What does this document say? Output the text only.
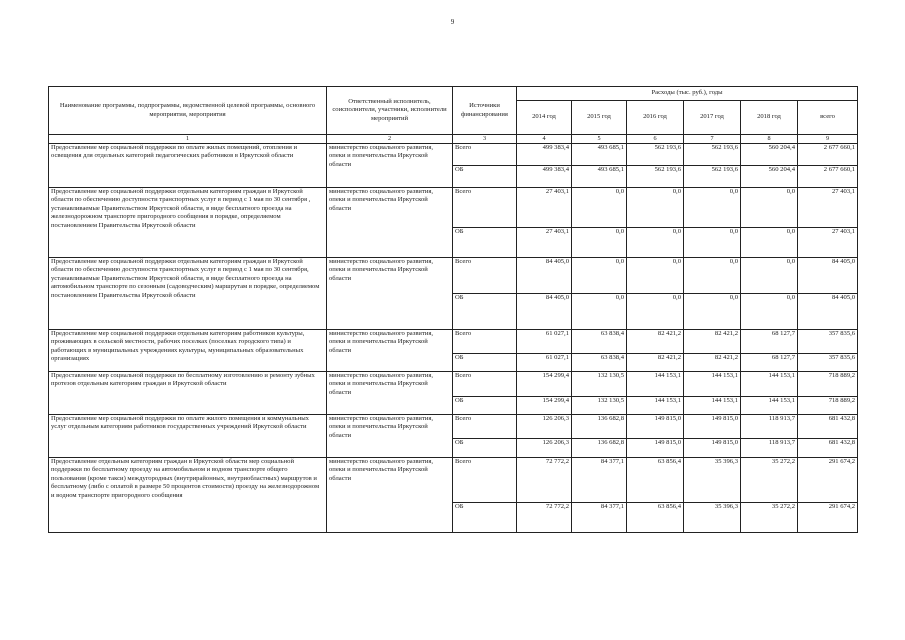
9
Наименование программы, подпрограммы, ведомственной целевой программы, основного мероприятия, мероприятия	Ответственный исполнитель, соисполнители, участники, исполнители мероприятий	Источники финансирования	Расходы (тыс. руб.), годы					
			2014 год	2015 год	2016 год	2017 год	2018 год	всего
1	2	3	4	5	6	7	8	9
Предоставление мер социальной поддержки по оплате жилых помещений, отопления и освещения для отдельных категорий педагогических работников в Иркутской области	министерство социального развития, опеки и попечительства Иркутской области	Всего	499 383,4	493 685,1	562 193,6	562 193,6	560 204,4	2 677 660,1
		ОБ	499 383,4	493 685,1	562 193,6	562 193,6	560 204,4	2 677 660,1
Предоставление мер социальной поддержки отдельным категориям граждан в Иркутской области по обеспечению доступности транспортных услуг в период с 1 мая по 30 сентября , устанавливаемые Правительством Иркутской области, в виде бесплатного проезда на железнодорожном транспорте пригородного сообщения в порядке, определяемом постановлением Правительства Иркутской области	министерство социального развития, опеки и попечительства Иркутской области	Всего	27 403,1	0,0	0,0	0,0	0,0	27 403,1
		ОБ	27 403,1	0,0	0,0	0,0	0,0	27 403,1
Предоставление мер социальной поддержки отдельным категориям граждан в Иркутской области по обеспечению доступности транспортных услуг в период с 1 мая по 30 сентября, устанавливаемые Правительством Иркутской области, в виде бесплатного проезда на автомобильном транспорте по сезонным (садоводческим) маршрутам в порядке, определяемом постановлением Правительства Иркутской области	министерство социального развития, опеки и попечительства Иркутской области	Всего	84 405,0	0,0	0,0	0,0	0,0	84 405,0
		ОБ	84 405,0	0,0	0,0	0,0	0,0	84 405,0
Предоставление мер социальной поддержки отдельным категориям работников культуры, проживающих в сельской местности, рабочих поселках (поселках городского типа) и работающих в муниципальных учреждениях культуры, муниципальных образовательных организациях	министерство социального развития, опеки и попечительства Иркутской области	Всего	61 027,1	63 838,4	82 421,2	82 421,2	68 127,7	357 835,6
		ОБ	61 027,1	63 838,4	82 421,2	82 421,2	68 127,7	357 835,6
Предоставление мер социальной поддержки по бесплатному изготовлению и ремонту зубных протезов отдельным категориям граждан в Иркутской области	министерство социального развития, опеки и попечительства Иркутской области	Всего	154 299,4	132 130,5	144 153,1	144 153,1	144 153,1	718 889,2
		ОБ	154 299,4	132 130,5	144 153,1	144 153,1	144 153,1	718 889,2
Предоставление мер социальной поддержки по оплате жилого помещения и коммунальных услуг отдельным категориям работников государственных учреждений Иркутской области	министерство социального развития, опеки и попечительства Иркутской области	Всего	126 206,3	136 682,8	149 815,0	149 815,0	118 913,7	681 432,8
		ОБ	126 206,3	136 682,8	149 815,0	149 815,0	118 913,7	681 432,8
Предоставление отдельным категориям граждан в Иркутской области мер социальной поддержки по бесплатному проезду на автомобильном и водном транспорте общего пользования (кроме такси) междугородных (внутрирайонных, внутриобластных) маршрутов и бесплатному (либо с оплатой в размере 50 процентов стоимости) проезду на железнодорожном и водном транспорте пригородного сообщения	министерство социального развития, опеки и попечительства Иркутской области	Всего	72 772,2	84 377,1	63 856,4	35 396,3	35 272,2	291 674,2
		ОБ	72 772,2	84 377,1	63 856,4	35 396,3	35 272,2	291 674,2
